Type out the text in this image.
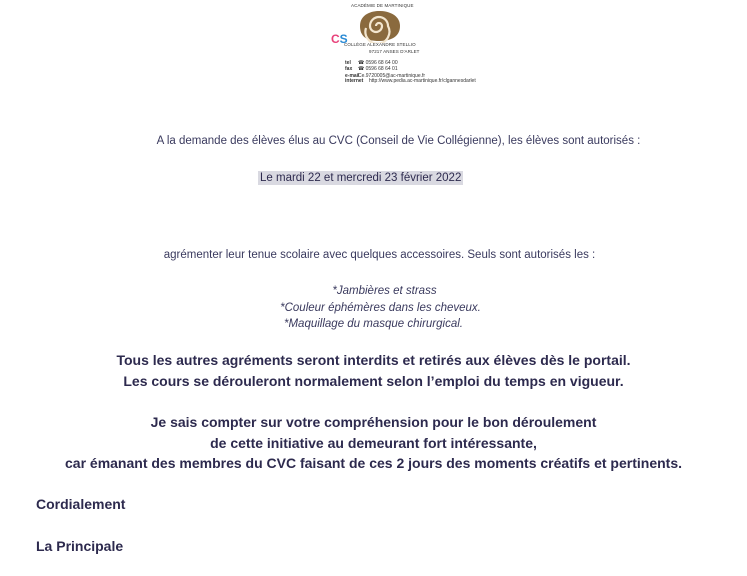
ACADÉMIE DE MARTINIQUE
CS
COLLÈGE ALEXANDRE STELLIO
97217 ANSES D'ARLET
tel ☎ 0596 68 64 00
fax ☎ 0596 68 64 01
e-mailCe.9720005@ac-martinique.fr
internet http://www.pedia.ac-martinique.fr/clgannesdarlet
A la demande des élèves élus au CVC (Conseil de Vie Collégienne), les élèves sont autorisés :
Le mardi 22 et mercredi 23 février 2022
agrémenter leur tenue scolaire avec quelques accessoires. Seuls sont autorisés les :
*Jambières et strass
*Couleur éphémères dans les cheveux.
*Maquillage du masque chirurgical.
Tous les autres agréments seront interdits et retirés aux élèves dès le portail.
Les cours se dérouleront normalement selon l’emploi du temps en vigueur.
Je sais compter sur votre compréhension pour le bon déroulement
de cette initiative au demeurant fort intéressante,
car émanant des membres du CVC faisant de ces 2 jours des moments créatifs et pertinents.
Cordialement
La Principale
